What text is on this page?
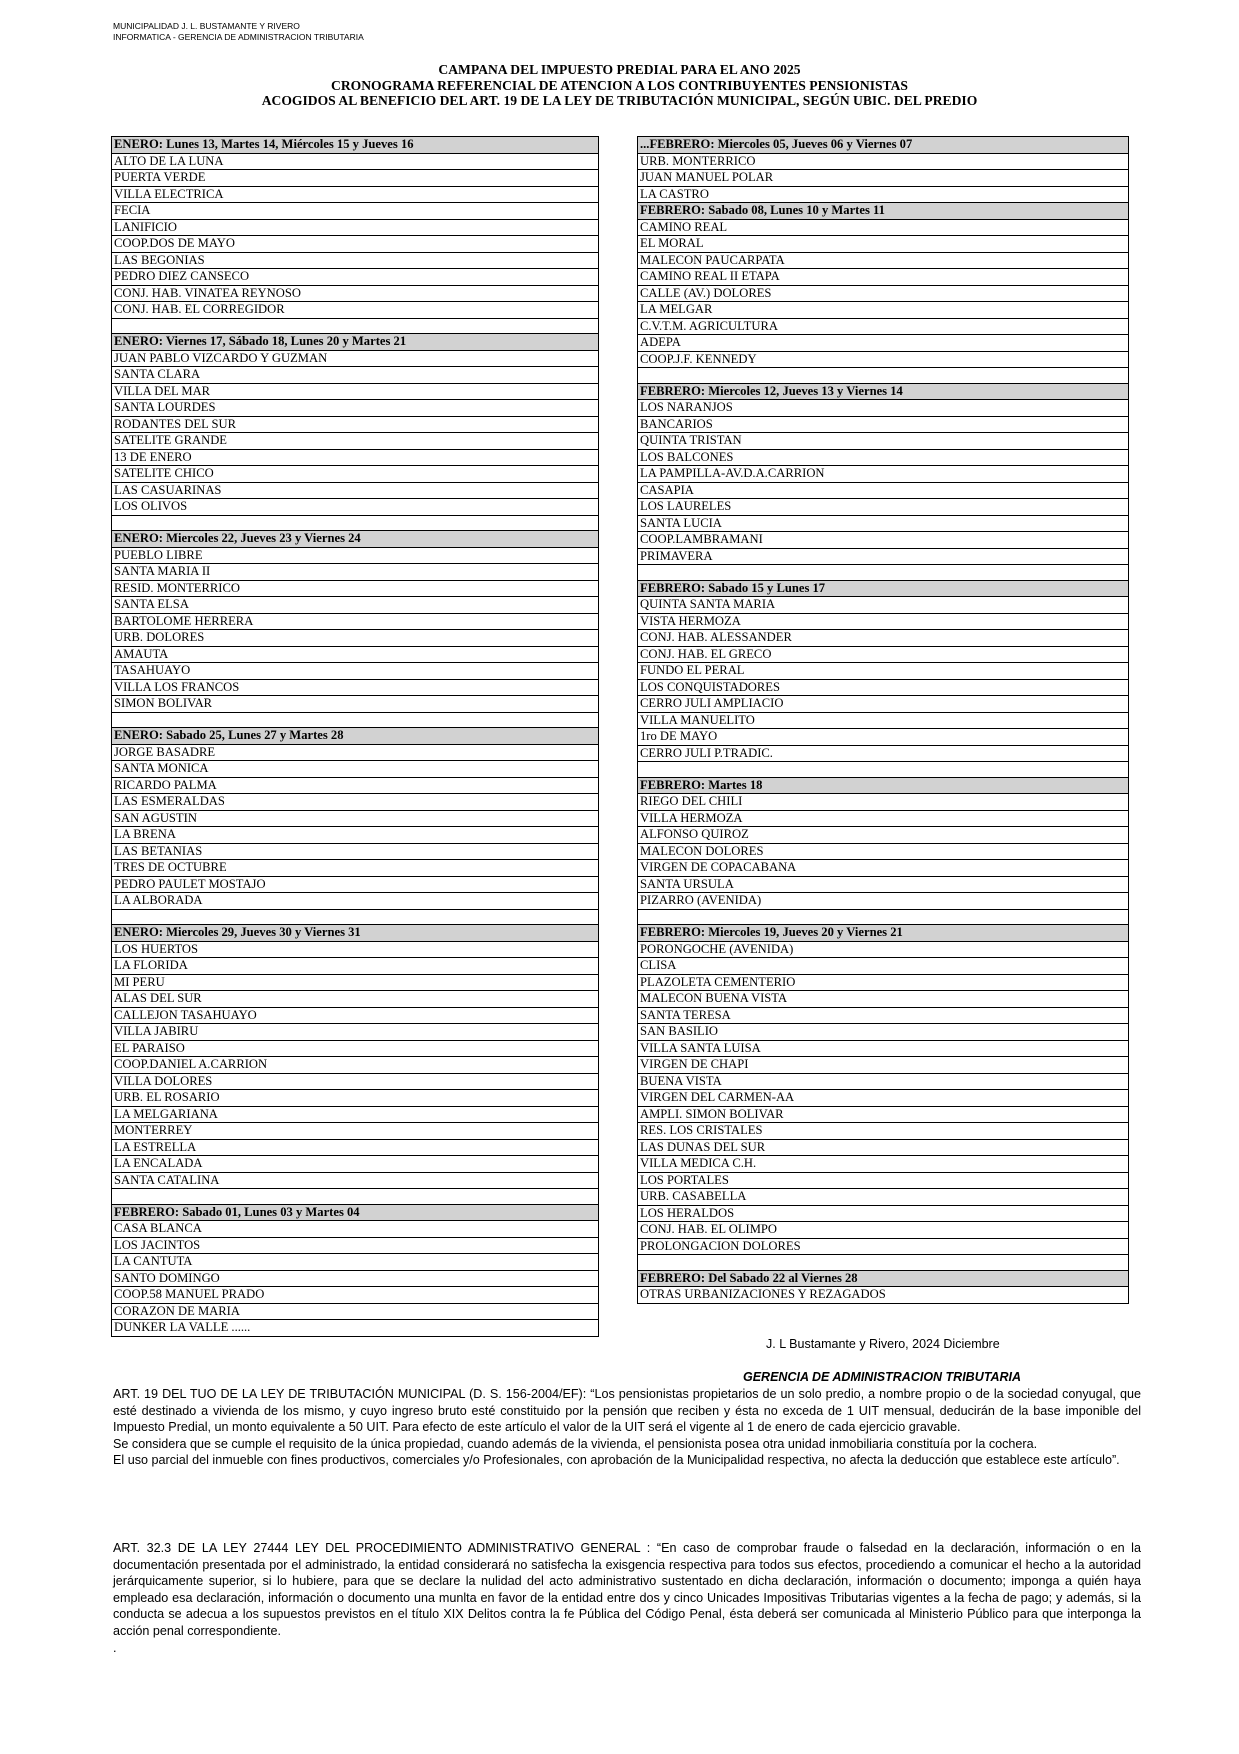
MUNICIPALIDAD J. L. BUSTAMANTE Y RIVERO
INFORMATICA - GERENCIA DE ADMINISTRACION TRIBUTARIA
CAMPANA DEL IMPUESTO PREDIAL PARA EL ANO 2025
CRONOGRAMA REFERENCIAL DE ATENCION A LOS CONTRIBUYENTES PENSIONISTAS
ACOGIDOS AL BENEFICIO DEL ART. 19 DE LA LEY DE TRIBUTACIÓN MUNICIPAL, SEGÚN UBIC. DEL PREDIO
ENERO: Lunes 13, Martes 14, Miércoles 15 y Jueves 16
ALTO DE LA LUNA
PUERTA VERDE
VILLA ELECTRICA
FECIA
LANIFICIO
COOP.DOS DE MAYO
LAS BEGONIAS
PEDRO DIEZ CANSECO
CONJ. HAB. VINATEA REYNOSO
CONJ. HAB. EL CORREGIDOR

ENERO: Viernes 17, Sábado 18, Lunes 20 y Martes 21
JUAN PABLO VIZCARDO Y GUZMAN
SANTA CLARA
VILLA DEL MAR
SANTA LOURDES
RODANTES DEL SUR
SATELITE GRANDE
13 DE ENERO
SATELITE CHICO
LAS CASUARINAS
LOS OLIVOS

ENERO: Miercoles 22, Jueves 23 y Viernes 24
PUEBLO LIBRE
SANTA MARIA II
RESID. MONTERRICO
SANTA ELSA
BARTOLOME HERRERA
URB. DOLORES
AMAUTA
TASAHUAYO
VILLA LOS FRANCOS
SIMON BOLIVAR

ENERO: Sabado 25, Lunes 27 y Martes 28
JORGE BASADRE
SANTA MONICA
RICARDO PALMA
LAS ESMERALDAS
SAN AGUSTIN
LA BRENA
LAS BETANIAS
TRES DE OCTUBRE
PEDRO PAULET MOSTAJO
LA ALBORADA

ENERO: Miercoles 29, Jueves 30 y Viernes 31
LOS HUERTOS
LA FLORIDA
MI PERU
ALAS DEL SUR
CALLEJON TASAHUAYO
VILLA JABIRU
EL PARAISO
COOP.DANIEL A.CARRION
VILLA DOLORES
URB. EL ROSARIO
LA MELGARIANA
MONTERREY
LA ESTRELLA
LA ENCALADA
SANTA CATALINA

FEBRERO: Sabado 01, Lunes 03 y Martes 04
CASA BLANCA
LOS JACINTOS
LA CANTUTA
SANTO DOMINGO
COOP.58 MANUEL PRADO
CORAZON DE MARIA
DUNKER LA VALLE ......
...FEBRERO: Miercoles 05, Jueves 06 y Viernes 07
URB. MONTERRICO
JUAN MANUEL POLAR
LA CASTRO
FEBRERO: Sabado 08, Lunes 10 y Martes 11
CAMINO REAL
EL MORAL
MALECON PAUCARPATA
CAMINO REAL II ETAPA
CALLE (AV.) DOLORES
LA MELGAR
C.V.T.M. AGRICULTURA
ADEPA
COOP.J.F. KENNEDY

FEBRERO: Miercoles 12, Jueves 13 y Viernes 14
LOS NARANJOS
BANCARIOS
QUINTA TRISTAN
LOS BALCONES
LA PAMPILLA-AV.D.A.CARRION
CASAPIA
LOS LAURELES
SANTA LUCIA
COOP.LAMBRAMANI
PRIMAVERA

FEBRERO: Sabado 15 y Lunes 17
QUINTA SANTA MARIA
VISTA HERMOZA
CONJ. HAB. ALESSANDER
CONJ. HAB. EL GRECO
FUNDO EL PERAL
LOS CONQUISTADORES
CERRO JULI AMPLIACIO
VILLA MANUELITO
1ro DE MAYO
CERRO JULI P.TRADIC.

FEBRERO: Martes 18
RIEGO DEL CHILI
VILLA HERMOZA
ALFONSO QUIROZ
MALECON DOLORES
VIRGEN DE COPACABANA
SANTA URSULA
PIZARRO (AVENIDA)

FEBRERO: Miercoles 19, Jueves 20 y Viernes 21
PORONGOCHE (AVENIDA)
CLISA
PLAZOLETA CEMENTERIO
MALECON BUENA VISTA
SANTA TERESA
SAN BASILIO
VILLA SANTA LUISA
VIRGEN DE CHAPI
BUENA VISTA
VIRGEN DEL CARMEN-AA
AMPLI. SIMON BOLIVAR
RES. LOS CRISTALES
LAS DUNAS DEL SUR
VILLA MEDICA C.H.
LOS PORTALES
URB. CASABELLA
LOS HERALDOS
CONJ. HAB. EL OLIMPO
PROLONGACION DOLORES

FEBRERO: Del Sabado 22 al Viernes 28
OTRAS URBANIZACIONES Y REZAGADOS
J. L Bustamante y Rivero, 2024 Diciembre
GERENCIA DE ADMINISTRACION TRIBUTARIA

ART. 19 DEL TUO DE LA LEY DE TRIBUTACIÓN MUNICIPAL (D. S. 156-2004/EF): “Los pensionistas propietarios de un solo predio, a nombre propio o de la sociedad conyugal, que esté destinado a vivienda de los mismo, y cuyo ingreso bruto esté constituido por la pensión que reciben y ésta no exceda de 1 UIT mensual, deducirán de la base imponible del Impuesto Predial, un monto equivalente a 50 UIT. Para efecto de este artículo el valor de la UIT será el vigente al 1 de enero de cada ejercicio gravable.

Se considera que se cumple el requisito de la única propiedad, cuando además de la vivienda, el pensionista posea otra unidad inmobiliaria constituía por la cochera.

El uso parcial del inmueble con fines productivos, comerciales y/o Profesionales, con aprobación de la Municipalidad respectiva, no afecta la deducción que establece este artículo”.

ART. 32.3 DE LA LEY 27444 LEY DEL PROCEDIMIENTO ADMINISTRATIVO GENERAL : “En caso de comprobar fraude o falsedad en la declaración, información o en la documentación presentada por el administrado, la entidad considerará no satisfecha la exisgencia respectiva para todos sus efectos, procediendo a comunicar el hecho a la autoridad jerárquicamente superior, si lo hubiere, para que se declare la nulidad del acto administrativo sustentado en dicha declaración, información o documento; imponga a quién haya empleado esa declaración, información o documento una munlta en favor de la entidad entre dos y cinco Unicades Impositivas Tributarias vigentes a la fecha de pago; y además, si la conducta se adecua a los supuestos previstos en el título XIX Delitos contra la fe Pública del Código Penal, ésta deberá ser comunicada al Ministerio Público para que interponga la acción penal correspondiente.

.
